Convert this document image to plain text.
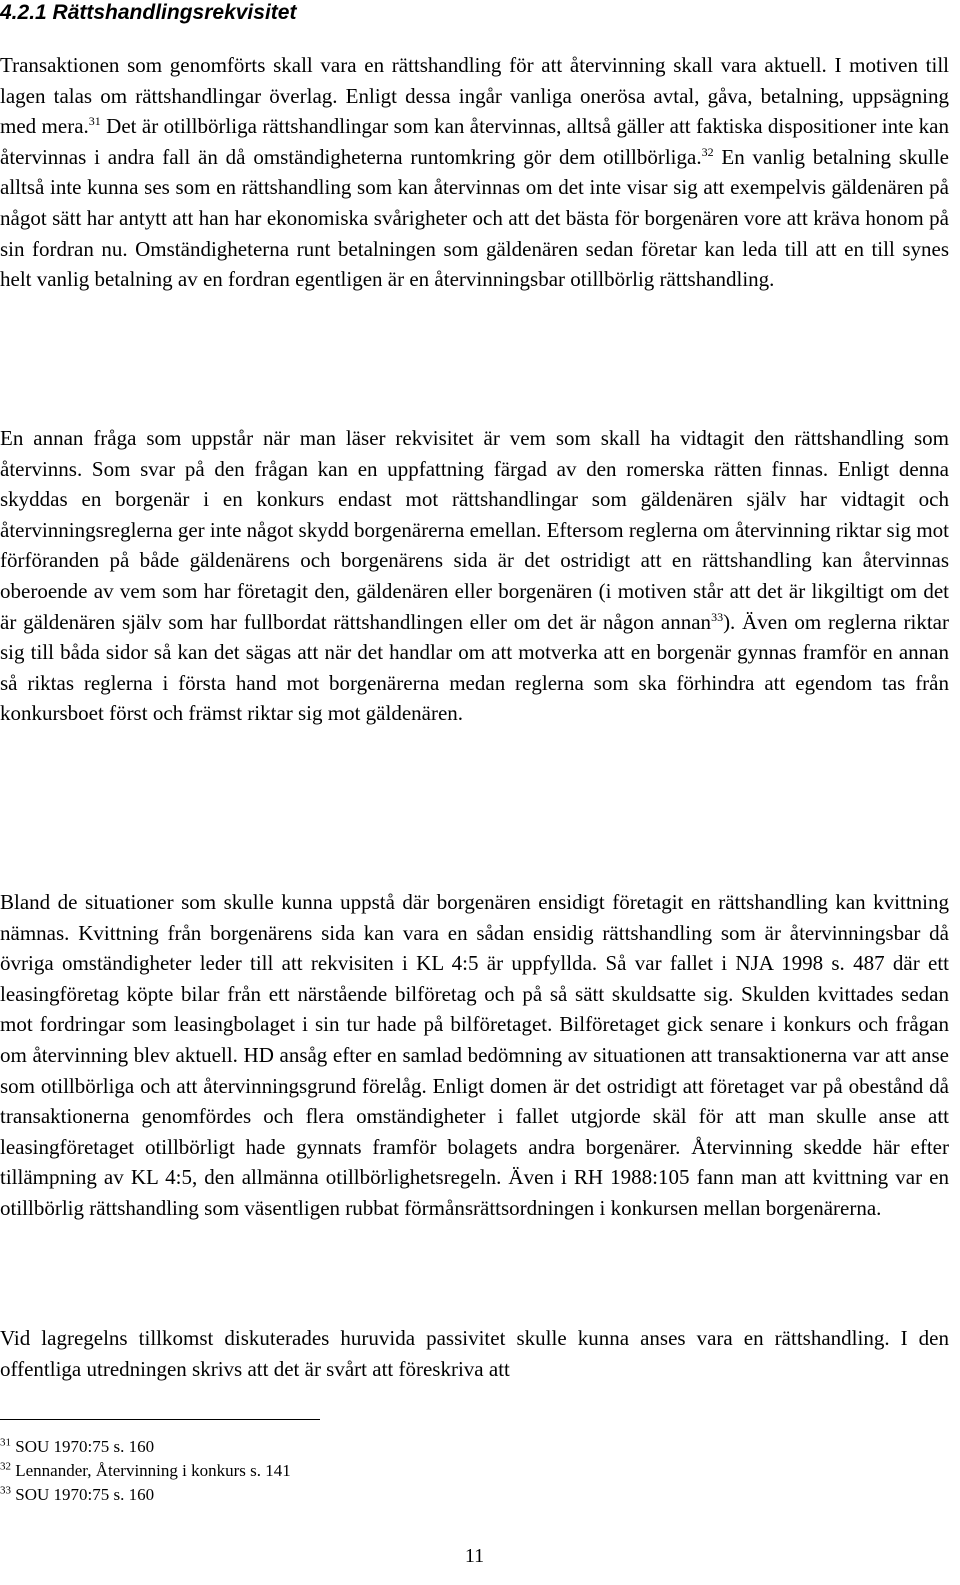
4.2.1 Rättshandlingsrekvisitet

Transaktionen som genomförts skall vara en rättshandling för att återvinning skall vara aktuell. I motiven till lagen talas om rättshandlingar överlag. Enligt dessa ingår vanliga onerösa avtal, gåva, betalning, uppsägning med mera.$^{31}$ Det är otillbörliga rättshandlingar som kan återvinnas, alltså gäller att faktiska dispositioner inte kan återvinnas i andra fall än då omständigheterna runtomkring gör dem otillbörliga.$^{32}$ En vanlig betalning skulle alltså inte kunna ses som en rättshandling som kan återvinnas om det inte visar sig att exempelvis gäldenären på något sätt har antytt att han har ekonomiska svårigheter och att det bästa för borgenären vore att kräva honom på sin fordran nu. Omständigheterna runt betalningen som gäldenären sedan företar kan leda till att en till synes helt vanlig betalning av en fordran egentligen är en återvinningsbar otillbörlig rättshandling.

En annan fråga som uppstår när man läser rekvisitet är vem som skall ha vidtagit den rättshandling som återvinns. Som svar på den frågan kan en uppfattning färgad av den romerska rätten finnas. Enligt denna skyddas en borgenär i en konkurs endast mot rättshandlingar som gäldenären själv har vidtagit och återvinningsreglerna ger inte något skydd borgenärerna emellan. Eftersom reglerna om återvinning riktar sig mot förföranden på både gäldenärens och borgenärens sida är det ostridigt att en rättshandling kan återvinnas oberoende av vem som har företagit den, gäldenären eller borgenären (i motiven står att det är likgiltigt om det är gäldenären själv som har fullbordat rättshandlingen eller om det är någon annan$^{33}$). Även om reglerna riktar sig till båda sidor så kan det sägas att när det handlar om att motverka att en borgenär gynnas framför en annan så riktas reglerna i första hand mot borgenärerna medan reglerna som ska förhindra att egendom tas från konkursboet först och främst riktar sig mot gäldenären.

Bland de situationer som skulle kunna uppstå där borgenären ensidigt företagit en rättshandling kan kvittning nämnas. Kvittning från borgenärens sida kan vara en sådan ensidig rättshandling som är återvinningsbar då övriga omständigheter leder till att rekvisiten i KL 4:5 är uppfyllda. Så var fallet i NJA 1998 s. 487 där ett leasingföretag köpte bilar från ett närstående bilföretag och på så sätt skuldsatte sig. Skulden kvittades sedan mot fordringar som leasingbolaget i sin tur hade på bilföretaget. Bilföretaget gick senare i konkurs och frågan om återvinning blev aktuell. HD ansåg efter en samlad bedömning av situationen att transaktionerna var att anse som otillbörliga och att återvinningsgrund förelåg. Enligt domen är det ostridigt att företaget var på obestånd då transaktionerna genomfördes och flera omständigheter i fallet utgjorde skäl för att man skulle anse att leasingföretaget otillbörligt hade gynnats framför bolagets andra borgenärer. Återvinning skedde här efter tillämpning av KL 4:5, den allmänna otillbörlighetsregeln. Även i RH 1988:105 fann man att kvittning var en otillbörlig rättshandling som väsentligen rubbat förmånsrättsordningen i konkursen mellan borgenärerna.

Vid lagregelns tillkomst diskuterades huruvida passivitet skulle kunna anses vara en rättshandling. I den offentliga utredningen skrivs att det är svårt att föreskriva att

$^{31}$ SOU 1970:75 s. 160
$^{32}$ Lennander, Återvinning i konkurs s. 141
$^{33}$ SOU 1970:75 s. 160
11
